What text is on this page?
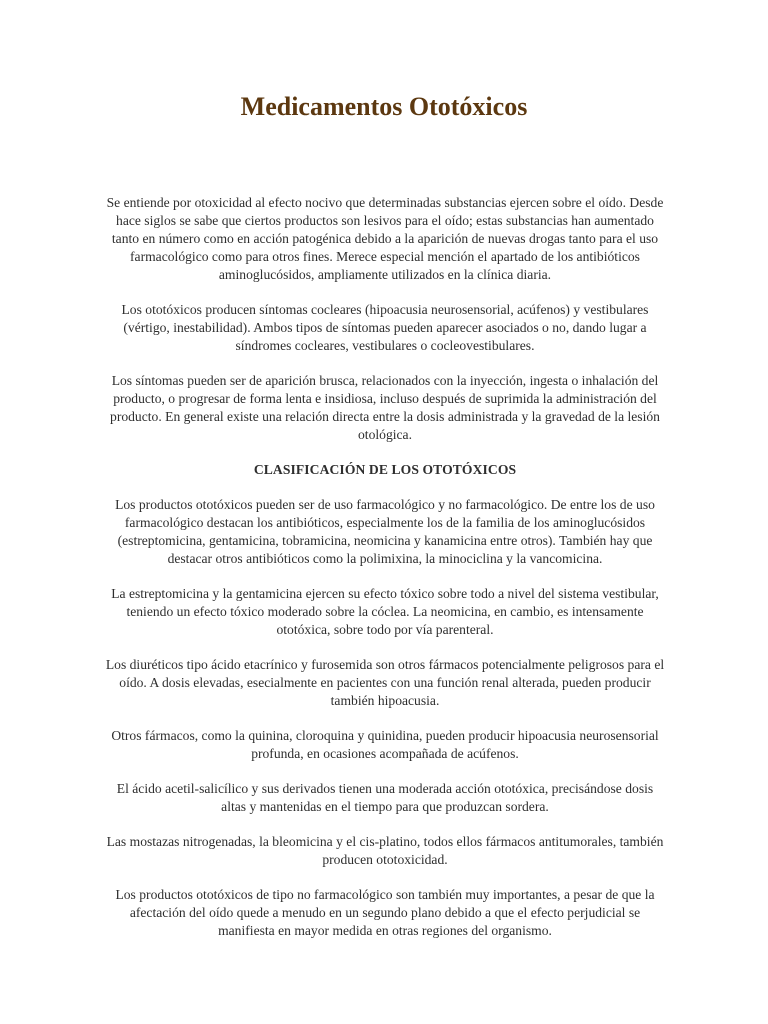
Medicamentos Ototóxicos

Se entiende por otoxicidad al efecto nocivo que determinadas substancias ejercen sobre el oído. Desde hace siglos se sabe que ciertos productos son lesivos para el oído; estas substancias han aumentado tanto en número como en acción patogénica debido a la aparición de nuevas drogas tanto para el uso farmacológico como para otros fines. Merece especial mención el apartado de los antibióticos aminoglucósidos, ampliamente utilizados en la clínica diaria.

Los ototóxicos producen síntomas cocleares (hipoacusia neurosensorial, acúfenos) y vestibulares (vértigo, inestabilidad). Ambos tipos de síntomas pueden aparecer asociados o no, dando lugar a síndromes cocleares, vestibulares o cocleovestibulares.

Los síntomas pueden ser de aparición brusca, relacionados con la inyección, ingesta o inhalación del producto, o progresar de forma lenta e insidiosa, incluso después de suprimida la administración del producto. En general existe una relación directa entre la dosis administrada y la gravedad de la lesión otológica.

CLASIFICACIÓN DE LOS OTOTÓXICOS

Los productos ototóxicos pueden ser de uso farmacológico y no farmacológico. De entre los de uso farmacológico destacan los antibióticos, especialmente los de la familia de los aminoglucósidos (estreptomicina, gentamicina, tobramicina, neomicina y kanamicina entre otros). También hay que destacar otros antibióticos como la polimixina, la minociclina y la vancomicina.

La estreptomicina y la gentamicina ejercen su efecto tóxico sobre todo a nivel del sistema vestibular, teniendo un efecto tóxico moderado sobre la cóclea. La neomicina, en cambio, es intensamente ototóxica, sobre todo por vía parenteral.

Los diuréticos tipo ácido etacrínico y furosemida son otros fármacos potencialmente peligrosos para el oído. A dosis elevadas, esecialmente en pacientes con una función renal alterada, pueden producir también hipoacusia.

Otros fármacos, como la quinina, cloroquina y quinidina, pueden producir hipoacusia neurosensorial profunda, en ocasiones acompañada de acúfenos.

El ácido acetil-salicílico y sus derivados tienen una moderada acción ototóxica, precisándose dosis altas y mantenidas en el tiempo para que produzcan sordera.

Las mostazas nitrogenadas, la bleomicina y el cis-platino, todos ellos fármacos antitumorales, también producen ototoxicidad.

Los productos ototóxicos de tipo no farmacológico son también muy importantes, a pesar de que la afectación del oído quede a menudo en un segundo plano debido a que el efecto perjudicial se manifiesta en mayor medida en otras regiones del organismo.
